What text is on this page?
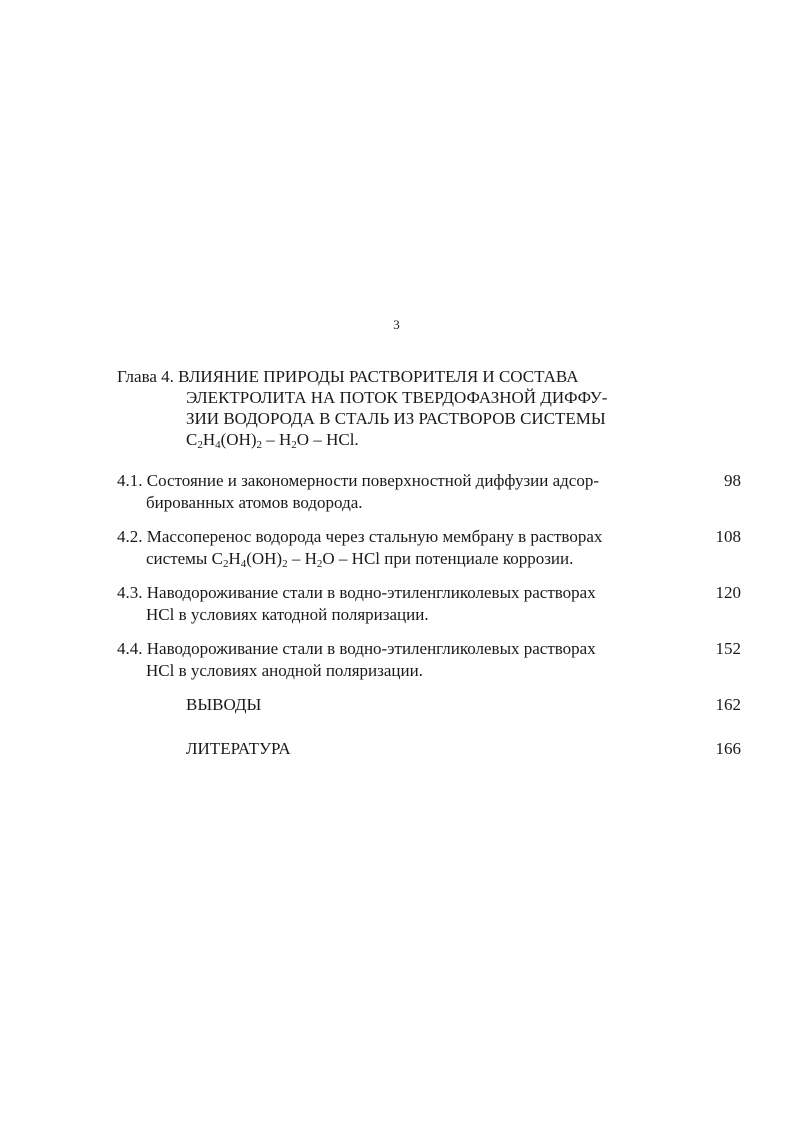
3
Глава 4. ВЛИЯНИЕ ПРИРОДЫ РАСТВОРИТЕЛЯ И СОСТАВА
ЭЛЕКТРОЛИТА НА ПОТОК ТВЕРДОФАЗНОЙ ДИФФУ-
ЗИИ ВОДОРОДА В СТАЛЬ ИЗ РАСТВОРОВ СИСТЕМЫ
$C_2H_4(OH)_2 - H_2O$ – HCl.
4.1. Состояние и закономерности поверхностной диффузии адсор-
бированных атомов водорода.
98
4.2. Массоперенос водорода через стальную мембрану в растворах
системы $C_2H_4(OH)_2 - H_2O$ – HCl при потенциале коррозии.
108
4.3. Наводороживание стали в водно-этиленгликолевых растворах
HCl в условиях катодной поляризации.
120
4.4. Наводороживание стали в водно-этиленгликолевых растворах
HCl в условиях анодной поляризации.
152
ВЫВОДЫ	162
ЛИТЕРАТУРА	166
